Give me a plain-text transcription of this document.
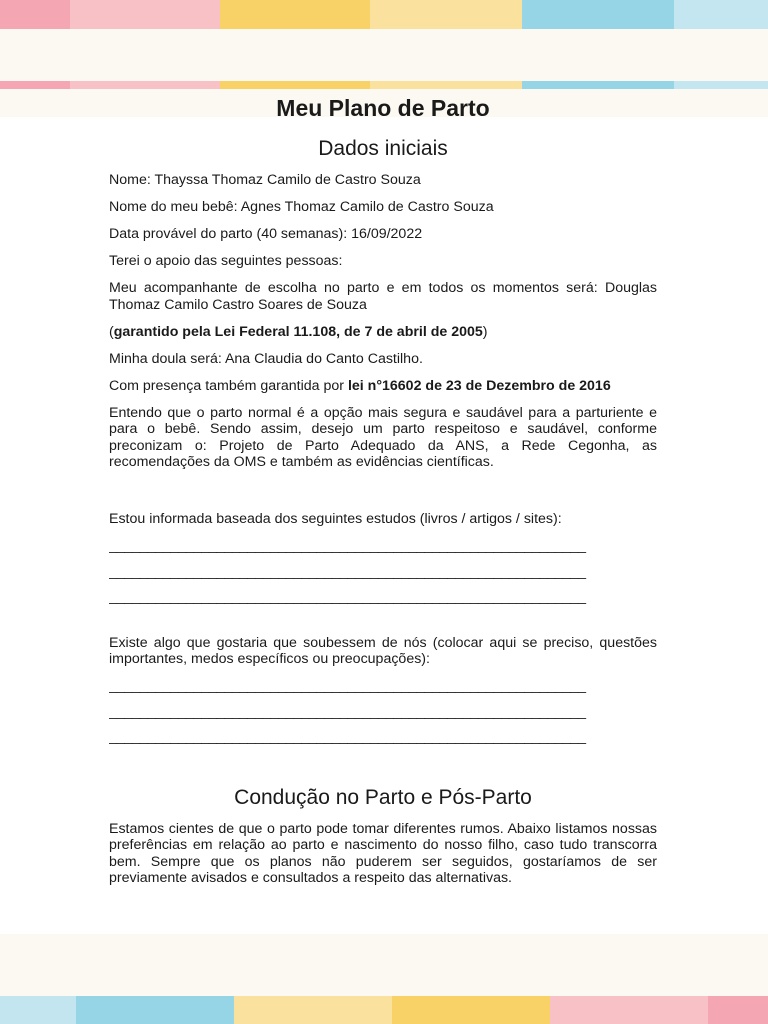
Meu Plano de Parto
Dados iniciais
Nome: Thayssa Thomaz Camilo de Castro Souza
Nome do meu bebê: Agnes Thomaz Camilo de Castro Souza
Data provável do parto (40 semanas): 16/09/2022
Terei o apoio das seguintes pessoas:
Meu acompanhante de escolha no parto e em todos os momentos será: Douglas Thomaz Camilo Castro Soares de Souza
(garantido pela Lei Federal 11.108, de 7 de abril de 2005)
Minha doula será: Ana Claudia do Canto Castilho.
Com presença também garantida por lei n°16602 de 23 de Dezembro de 2016
Entendo que o parto normal é a opção mais segura e saudável para a parturiente e para o bebê. Sendo assim, desejo um parto respeitoso e saudável, conforme preconizam o: Projeto de Parto Adequado da ANS, a Rede Cegonha, as recomendações da OMS e também as evidências científicas.
Estou informada baseada dos seguintes estudos (livros / artigos / sites):
______________________________________________________________
______________________________________________________________
______________________________________________________________
Existe algo que gostaria que soubessem de nós (colocar aqui se preciso, questões importantes, medos específicos ou preocupações):
______________________________________________________________
______________________________________________________________
______________________________________________________________
Condução no Parto e Pós-Parto
Estamos cientes de que o parto pode tomar diferentes rumos. Abaixo listamos nossas preferências em relação ao parto e nascimento do nosso filho, caso tudo transcorra bem. Sempre que os planos não puderem ser seguidos, gostaríamos de ser previamente avisados e consultados a respeito das alternativas.
